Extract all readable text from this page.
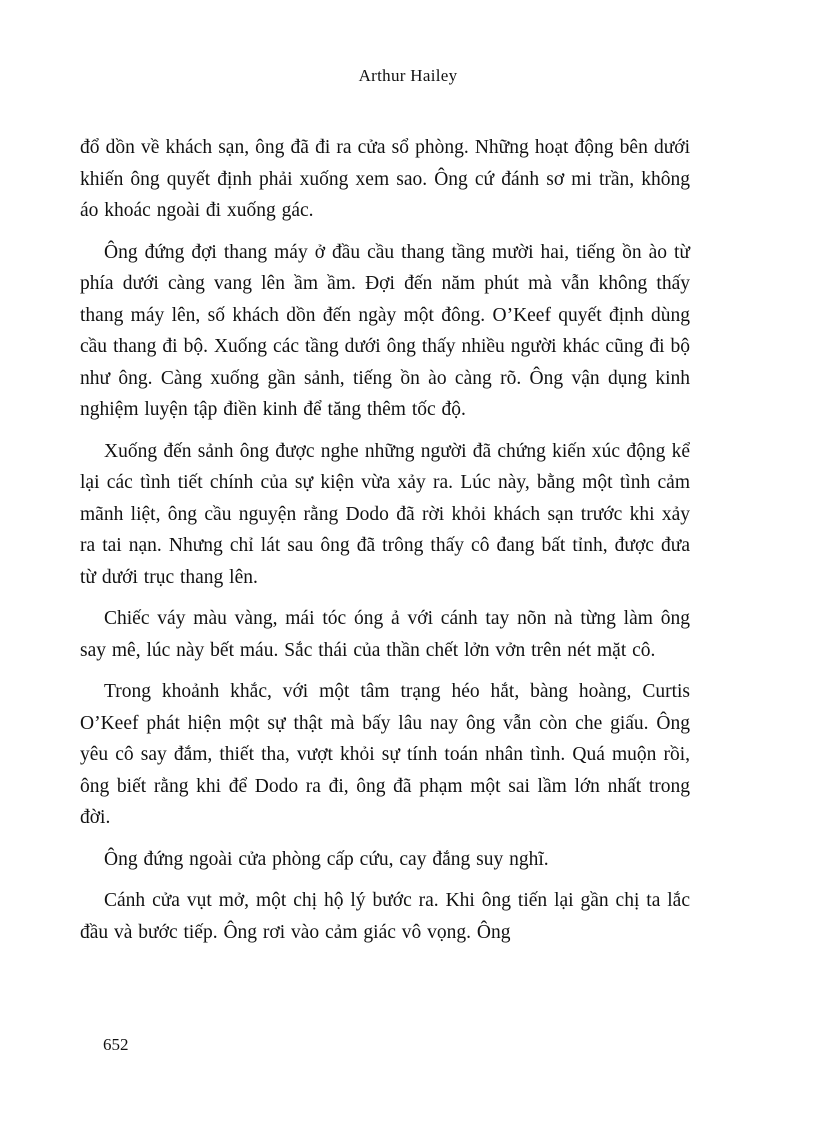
Arthur Hailey

đổ dồn về khách sạn, ông đã đi ra cửa sổ phòng. Những hoạt động bên dưới khiến ông quyết định phải xuống xem sao. Ông cứ đánh sơ mi trần, không áo khoác ngoài đi xuống gác.

Ông đứng đợi thang máy ở đầu cầu thang tầng mười hai, tiếng ồn ào từ phía dưới càng vang lên ầm ầm. Đợi đến năm phút mà vẫn không thấy thang máy lên, số khách dồn đến ngày một đông. O’Keef quyết định dùng cầu thang đi bộ. Xuống các tầng dưới ông thấy nhiều người khác cũng đi bộ như ông. Càng xuống gần sảnh, tiếng ồn ào càng rõ. Ông vận dụng kinh nghiệm luyện tập điền kinh để tăng thêm tốc độ.

Xuống đến sảnh ông được nghe những người đã chứng kiến xúc động kể lại các tình tiết chính của sự kiện vừa xảy ra. Lúc này, bằng một tình cảm mãnh liệt, ông cầu nguyện rằng Dodo đã rời khỏi khách sạn trước khi xảy ra tai nạn. Nhưng chỉ lát sau ông đã trông thấy cô đang bất tỉnh, được đưa từ dưới trục thang lên.

Chiếc váy màu vàng, mái tóc óng ả với cánh tay nõn nà từng làm ông say mê, lúc này bết máu. Sắc thái của thần chết lởn vởn trên nét mặt cô.

Trong khoảnh khắc, với một tâm trạng héo hắt, bàng hoàng, Curtis O’Keef phát hiện một sự thật mà bấy lâu nay ông vẫn còn che giấu. Ông yêu cô say đắm, thiết tha, vượt khỏi sự tính toán nhân tình. Quá muộn rồi, ông biết rằng khi để Dodo ra đi, ông đã phạm một sai lầm lớn nhất trong đời.

Ông đứng ngoài cửa phòng cấp cứu, cay đắng suy nghĩ.

Cánh cửa vụt mở, một chị hộ lý bước ra. Khi ông tiến lại gần chị ta lắc đầu và bước tiếp. Ông rơi vào cảm giác vô vọng. Ông

652
